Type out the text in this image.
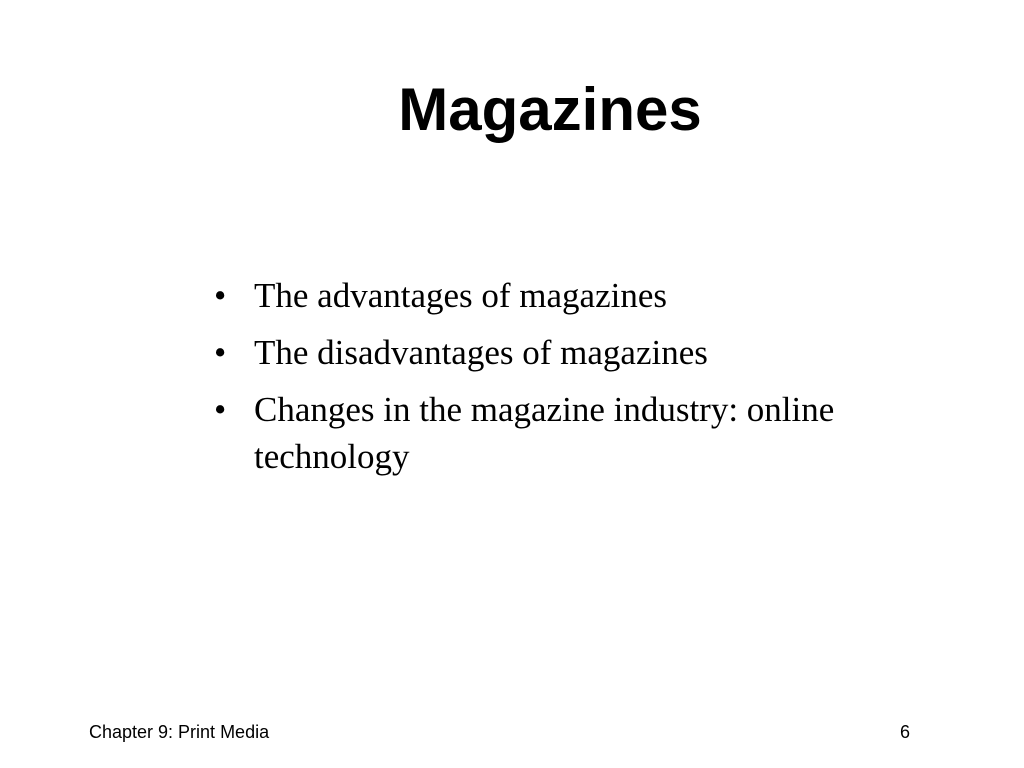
Magazines
• The advantages of magazines
• The disadvantages of magazines
• Changes in the magazine industry: online technology
Chapter 9: Print Media	6
